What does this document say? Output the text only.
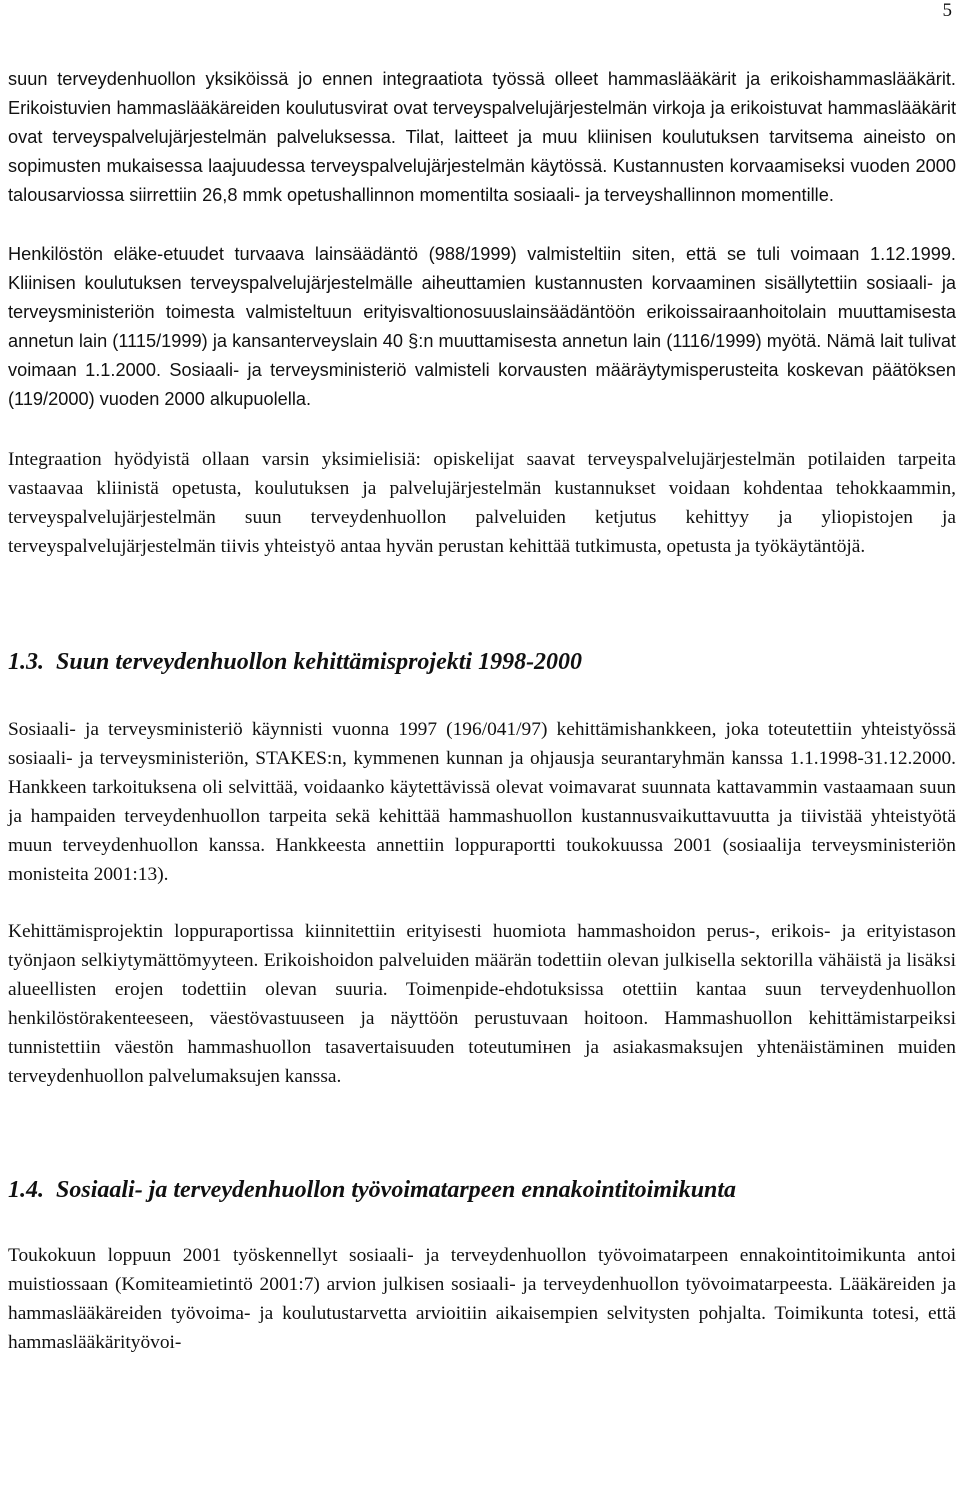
5

suun terveydenhuollon yksiköissä jo ennen integraatiota työssä olleet hammaslääkärit ja erikoishammaslääkärit. Erikoistuvien hammaslääkäreiden koulutusvirat ovat terveyspalvelujärjestelmän virkoja ja erikoistuvat hammaslääkärit ovat terveyspalvelujärjestelmän palveluksessa. Tilat, laitteet ja muu kliinisen koulutuksen tarvitsema aineisto on sopimusten mukaisessa laajuudessa terveyspalvelujärjestelmän käytössä. Kustannusten korvaamiseksi vuoden 2000 talousarviossa siirrettiin 26,8 mmk opetushallinnon momentilta sosiaali- ja terveyshallinnon momentille.

Henkilöstön eläke-etuudet turvaava lainsäädäntö (988/1999) valmisteltiin siten, että se tuli voimaan 1.12.1999. Kliinisen koulutuksen terveyspalvelujärjestelmälle aiheuttamien kustannusten korvaaminen sisällytettiin sosiaali- ja terveysministeriön toimesta valmisteltuun erityisvaltionosuuslainsäädäntöön erikoissairaanhoitolain muuttamisesta annetun lain (1115/1999) ja kansanterveyslain 40 §:n muuttamisesta annetun lain (1116/1999) myötä. Nämä lait tulivat voimaan 1.1.2000. Sosiaali- ja terveysministeriö valmisteli korvausten määräytymisperusteita koskevan päätöksen (119/2000) vuoden 2000 alkupuolella.

Integraation hyödyistä ollaan varsin yksimielisiä: opiskelijat saavat terveyspalvelujärjestelmän potilaiden tarpeita vastaavaa kliinistä opetusta, koulutuksen ja palvelujärjestelmän kustannukset voidaan kohdentaa tehokkaammin, terveyspalvelujärjestelmän suun terveydenhuollon palveluiden ketjutus kehittyy ja yliopistojen ja terveyspalvelujärjestelmän tiivis yhteistyö antaa hyvän perustan kehittää tutkimusta, opetusta ja työkäytäntöjä.

1.3. Suun terveydenhuollon kehittämisprojekti 1998-2000

Sosiaali- ja terveysministeriö käynnisti vuonna 1997 (196/041/97) kehittämishankkeen, joka toteutettiin yhteistyössä sosiaali- ja terveysministeriön, STAKES:n, kymmenen kunnan ja ohjausja seurantaryhmän kanssa 1.1.1998-31.12.2000. Hankkeen tarkoituksena oli selvittää, voidaanko käytettävissä olevat voimavarat suunnata kattavammin vastaamaan suun ja hampaiden terveydenhuollon tarpeita sekä kehittää hammashuollon kustannusvaikuttavuutta ja tiivistää yhteistyötä muun terveydenhuollon kanssa. Hankkeesta annettiin loppuraportti toukokuussa 2001 (sosiaalija terveysministeriön monisteita 2001:13).

Kehittämisprojektin loppuraportissa kiinnitettiin erityisesti huomiota hammashoidon perus-, erikois- ja erityistason työnjaon selkiytymättömyyteen. Erikoishoidon palveluiden määrän todettiin olevan julkisella sektorilla vähäistä ja lisäksi alueellisten erojen todettiin olevan suuria. Toimenpide-ehdotuksissa otettiin kantaa suun terveydenhuollon henkilöstörakenteeseen, väestövastuuseen ja näyttöön perustuvaan hoitoon. Hammashuollon kehittämistarpeiksi tunnistettiin väestön hammashuollon tasavertaisuuden toteutumінen ja asiakasmaksujen yhtenäistäminen muiden terveydenhuollon palvelumaksujen kanssa.

1.4. Sosiaali- ja terveydenhuollon työvoimatarpeen ennakointitoimikunta

Toukokuun loppuun 2001 työskennellyt sosiaali- ja terveydenhuollon työvoimatarpeen ennakointitoimikunta antoi muistiossaan (Komiteamietintö 2001:7) arvion julkisen sosiaali- ja terveydenhuollon työvoimatarpeesta. Lääkäreiden ja hammaslääkäreiden työvoima- ja koulutustarvetta arvioitiin aikaisempien selvitysten pohjalta. Toimikunta totesi, että hammaslääkärityövoi-
